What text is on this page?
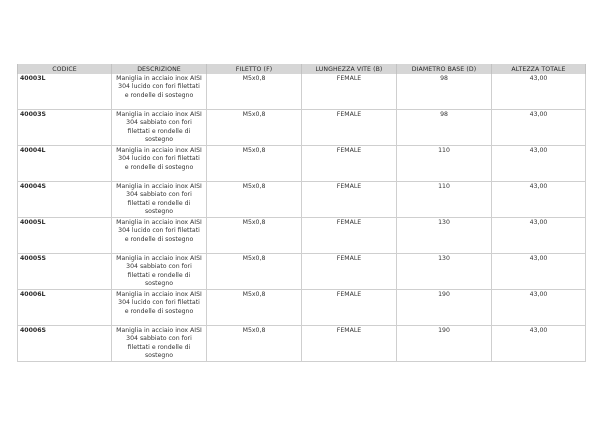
CODICE	DESCRIZIONE	FILETTO (F)	LUNGHEZZA VITE (B)	DIAMETRO BASE (D)	ALTEZZA TOTALE
40003L	Maniglia in acciaio inox AISI 304 lucido con fori filettati e rondelle di sostegno	M5x0,8	FEMALE	98	43,00
40003S	Maniglia in acciaio inox AISI 304 sabbiato con fori filettati e rondelle di sostegno	M5x0,8	FEMALE	98	43,00
40004L	Maniglia in acciaio inox AISI 304 lucido con fori filettati e rondelle di sostegno	M5x0,8	FEMALE	110	43,00
40004S	Maniglia in acciaio inox AISI 304 sabbiato con fori filettati e rondelle di sostegno	M5x0,8	FEMALE	110	43,00
40005L	Maniglia in acciaio inox AISI 304 lucido con fori filettati e rondelle di sostegno	M5x0,8	FEMALE	130	43,00
40005S	Maniglia in acciaio inox AISI 304 sabbiato con fori filettati e rondelle di sostegno	M5x0,8	FEMALE	130	43,00
40006L	Maniglia in acciaio inox AISI 304 lucido con fori filettati e rondelle di sostegno	M5x0,8	FEMALE	190	43,00
40006S	Maniglia in acciaio inox AISI 304 sabbiato con fori filettati e rondelle di sostegno	M5x0,8	FEMALE	190	43,00
